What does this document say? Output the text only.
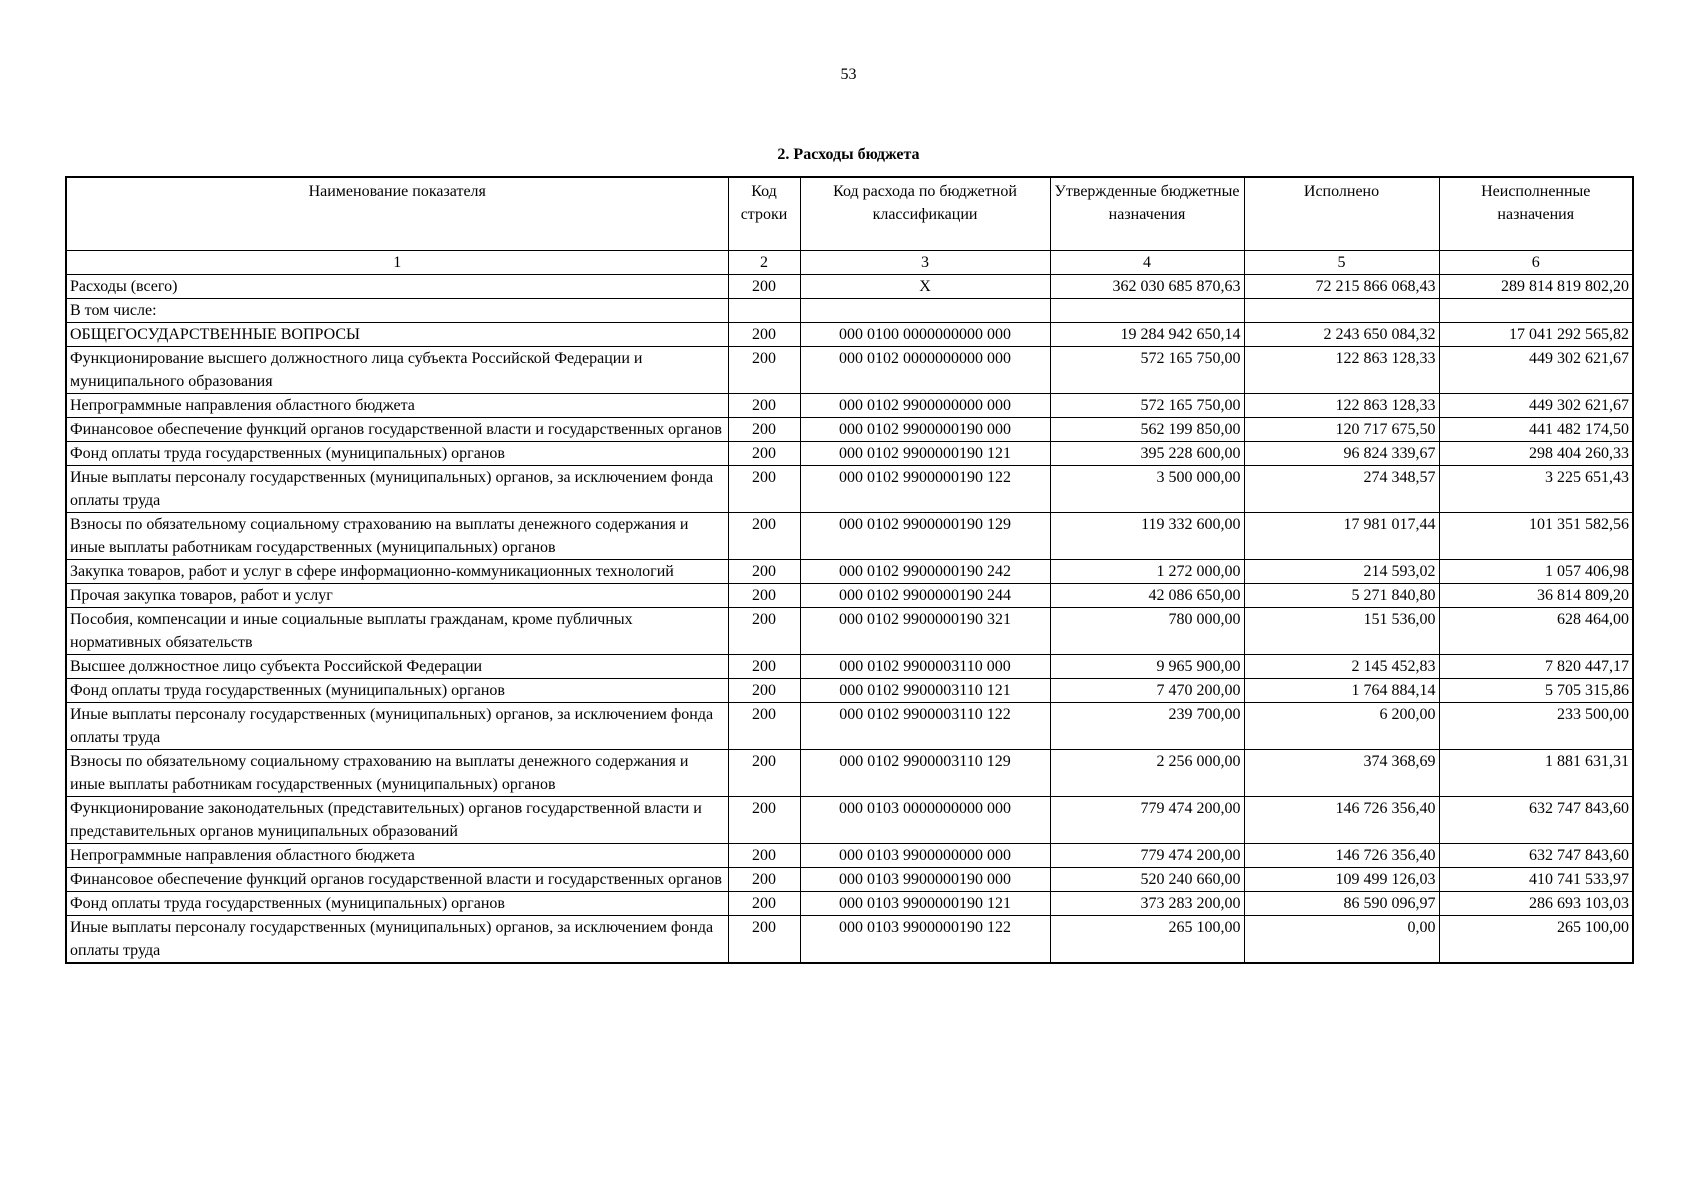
53
2. Расходы бюджета
Наименование показателя	Код строки	Код расхода по бюджетной классификации	Утвержденные бюджетные назначения	Исполнено	Неисполненные назначения
1	2	3	4	5	6
Расходы (всего)	200	X	362 030 685 870,63	72 215 866 068,43	289 814 819 802,20
В том числе:					
ОБЩЕГОСУДАРСТВЕННЫЕ ВОПРОСЫ	200	000 0100 0000000000 000	19 284 942 650,14	2 243 650 084,32	17 041 292 565,82
Функционирование высшего должностного лица субъекта Российской Федерации и муниципального образования	200	000 0102 0000000000 000	572 165 750,00	122 863 128,33	449 302 621,67
Непрограммные направления областного бюджета	200	000 0102 9900000000 000	572 165 750,00	122 863 128,33	449 302 621,67
Финансовое обеспечение функций органов государственной власти и государственных органов	200	000 0102 9900000190 000	562 199 850,00	120 717 675,50	441 482 174,50
Фонд оплаты труда государственных (муниципальных) органов	200	000 0102 9900000190 121	395 228 600,00	96 824 339,67	298 404 260,33
Иные выплаты персоналу государственных (муниципальных) органов, за исключением фонда оплаты труда	200	000 0102 9900000190 122	3 500 000,00	274 348,57	3 225 651,43
Взносы по обязательному социальному страхованию на выплаты денежного содержания и иные выплаты работникам государственных (муниципальных) органов	200	000 0102 9900000190 129	119 332 600,00	17 981 017,44	101 351 582,56
Закупка товаров, работ и услуг в сфере информационно-коммуникационных технологий	200	000 0102 9900000190 242	1 272 000,00	214 593,02	1 057 406,98
Прочая закупка товаров, работ и услуг	200	000 0102 9900000190 244	42 086 650,00	5 271 840,80	36 814 809,20
Пособия, компенсации и иные социальные выплаты гражданам, кроме публичных нормативных обязательств	200	000 0102 9900000190 321	780 000,00	151 536,00	628 464,00
Высшее должностное лицо субъекта Российской Федерации	200	000 0102 9900003110 000	9 965 900,00	2 145 452,83	7 820 447,17
Фонд оплаты труда государственных (муниципальных) органов	200	000 0102 9900003110 121	7 470 200,00	1 764 884,14	5 705 315,86
Иные выплаты персоналу государственных (муниципальных) органов, за исключением фонда оплаты труда	200	000 0102 9900003110 122	239 700,00	6 200,00	233 500,00
Взносы по обязательному социальному страхованию на выплаты денежного содержания и иные выплаты работникам государственных (муниципальных) органов	200	000 0102 9900003110 129	2 256 000,00	374 368,69	1 881 631,31
Функционирование законодательных (представительных) органов государственной власти и представительных органов муниципальных образований	200	000 0103 0000000000 000	779 474 200,00	146 726 356,40	632 747 843,60
Непрограммные направления областного бюджета	200	000 0103 9900000000 000	779 474 200,00	146 726 356,40	632 747 843,60
Финансовое обеспечение функций органов государственной власти и государственных органов	200	000 0103 9900000190 000	520 240 660,00	109 499 126,03	410 741 533,97
Фонд оплаты труда государственных (муниципальных) органов	200	000 0103 9900000190 121	373 283 200,00	86 590 096,97	286 693 103,03
Иные выплаты персоналу государственных (муниципальных) органов, за исключением фонда оплаты труда	200	000 0103 9900000190 122	265 100,00	0,00	265 100,00
